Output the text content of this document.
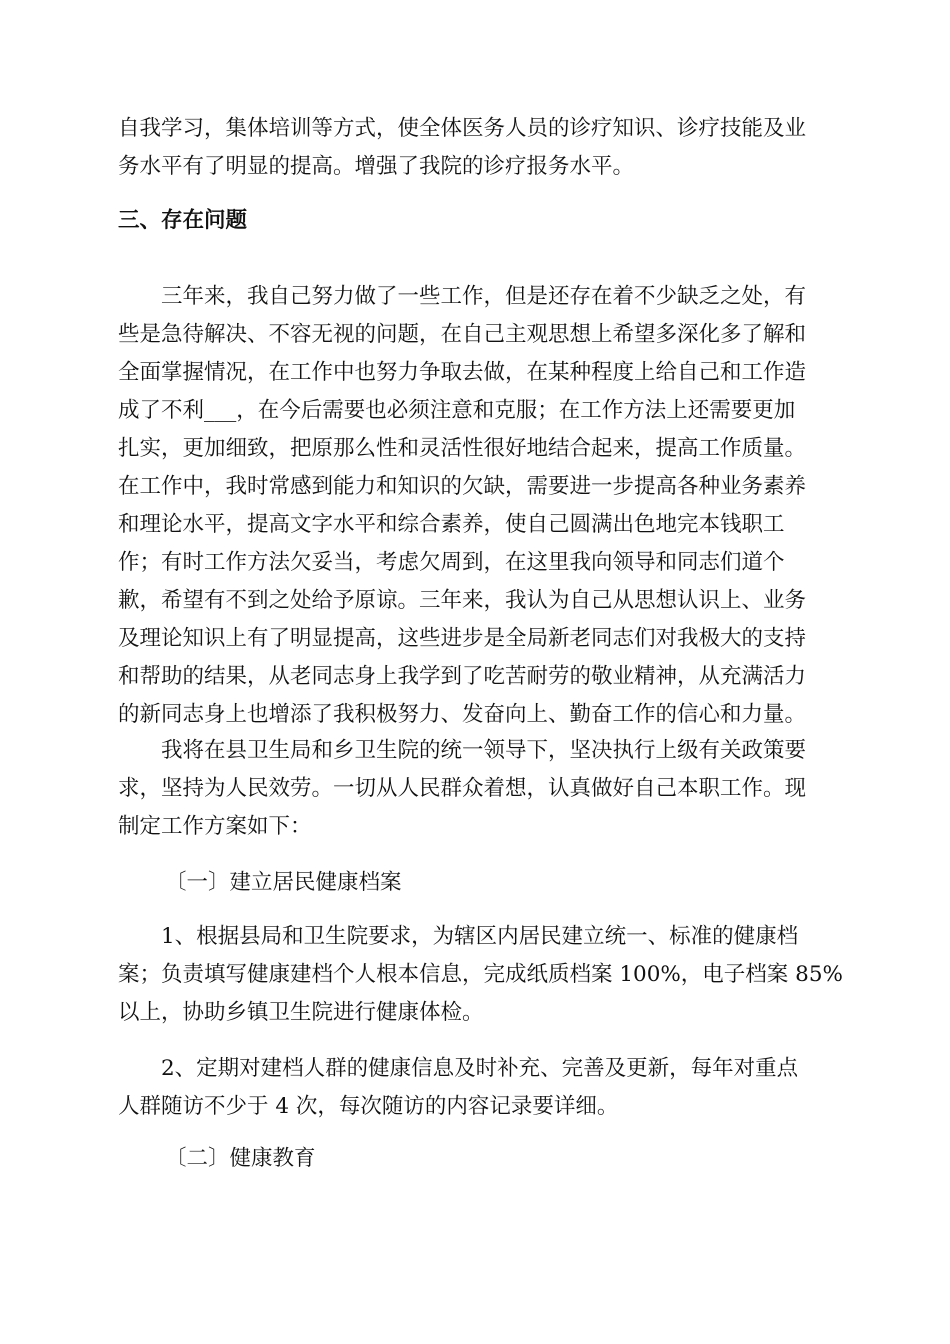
自我学习，集体培训等方式，使全体医务人员的诊疗知识、诊疗技能及业
务水平有了明显的提高。增强了我院的诊疗报务水平。
三、存在问题
三年来，我自己努力做了一些工作，但是还存在着不少缺乏之处，有
些是急待解决、不容无视的问题，在自己主观思想上希望多深化多了解和
全面掌握情况，在工作中也努力争取去做，在某种程度上给自己和工作造
成了不利___，在今后需要也必须注意和克服；在工作方法上还需要更加
扎实，更加细致，把原那么性和灵活性很好地结合起来，提高工作质量。
在工作中，我时常感到能力和知识的欠缺，需要进一步提高各种业务素养
和理论水平，提高文字水平和综合素养，使自己圆满出色地完本钱职工
作；有时工作方法欠妥当，考虑欠周到，在这里我向领导和同志们道个
歉，希望有不到之处给予原谅。三年来，我认为自己从思想认识上、业务
及理论知识上有了明显提高，这些进步是全局新老同志们对我极大的支持
和帮助的结果，从老同志身上我学到了吃苦耐劳的敬业精神，从充满活力
的新同志身上也增添了我积极努力、发奋向上、勤奋工作的信心和力量。
我将在县卫生局和乡卫生院的统一领导下，坚决执行上级有关政策要
求，坚持为人民效劳。一切从人民群众着想，认真做好自己本职工作。现
制定工作方案如下：
〔一〕建立居民健康档案
1、根据县局和卫生院要求，为辖区内居民建立统一、标准的健康档
案；负责填写健康建档个人根本信息，完成纸质档案 100%，电子档案 85%
以上，协助乡镇卫生院进行健康体检。
2、定期对建档人群的健康信息及时补充、完善及更新，每年对重点
人群随访不少于 4 次，每次随访的内容记录要详细。
〔二〕健康教育
